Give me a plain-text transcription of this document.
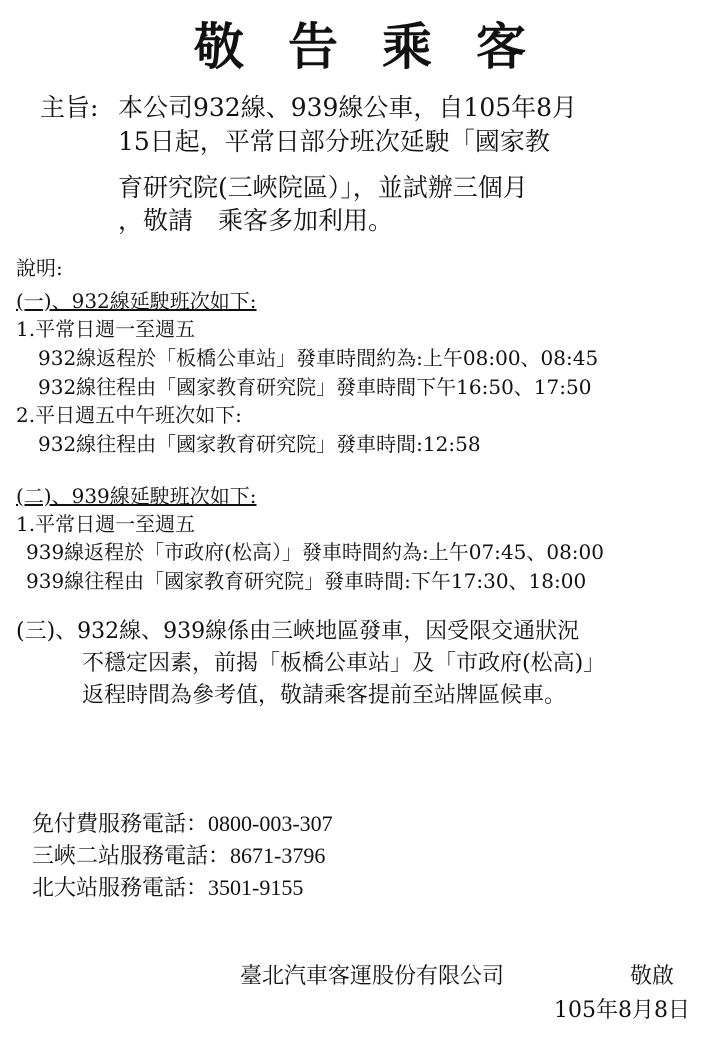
敬告乘客
主旨: 本公司932線、939線公車，自105年8月
15日起，平常日部分班次延駛「國家教
育研究院(三峽院區）」，並試辦三個月
，敬請　乘客多加利用。
說明:
(一)、932線延駛班次如下:
1.平常日週一至週五
932線返程於「板橋公車站」發車時間約為:上午08:00、08:45
932線往程由「國家教育研究院」發車時間下午16:50、17:50
2.平日週五中午班次如下:
932線往程由「國家教育研究院」發車時間:12:58
(二)、939線延駛班次如下:
1.平常日週一至週五
939線返程於「市政府(松高）」發車時間約為:上午07:45、08:00
939線往程由「國家教育研究院」發車時間:下午17:30、18:00
(三)、932線、939線係由三峽地區發車，因受限交通狀況
不穩定因素，前揭「板橋公車站」及「市政府(松高)」
返程時間為參考值，敬請乘客提前至站牌區候車。
免付費服務電話：0800-003-307
三峽二站服務電話：8671-3796
北大站服務電話：3501-9155
臺北汽車客運股份有限公司	敬啟
105年8月8日
